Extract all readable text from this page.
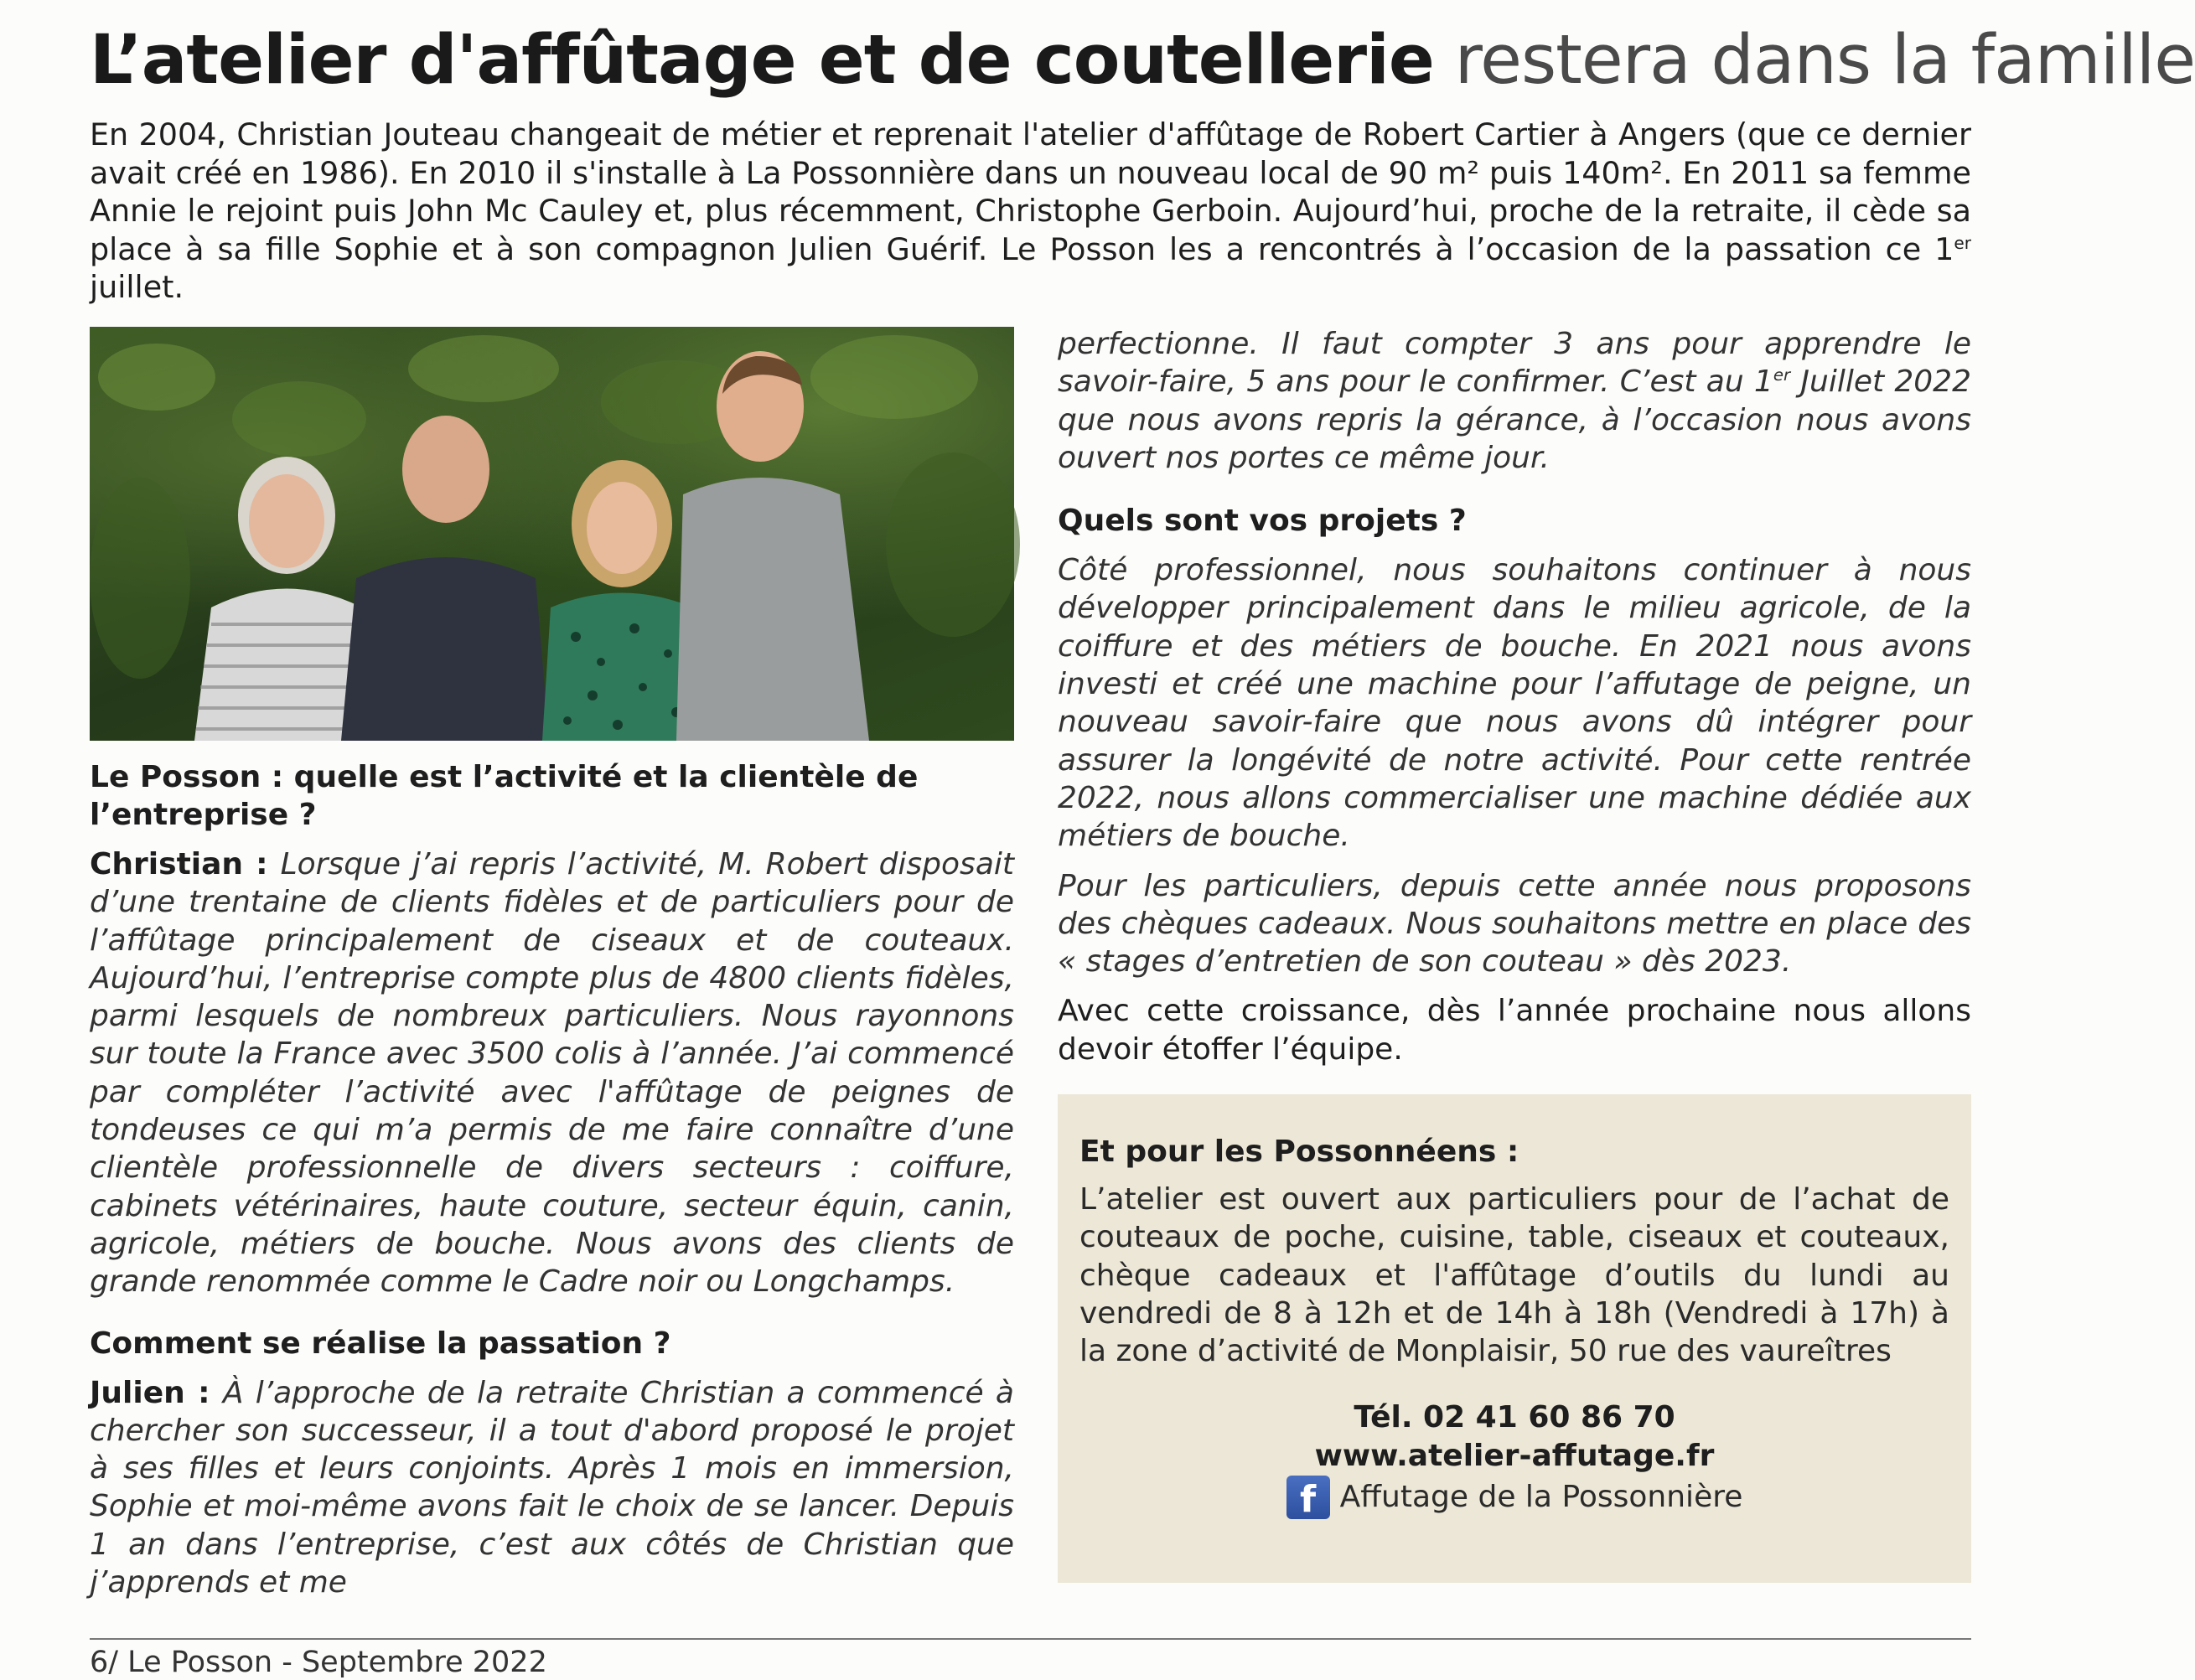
L’atelier d'affûtage et de coutellerie restera dans la famille
En 2004, Christian Jouteau changeait de métier et reprenait l'atelier d'affûtage de Robert Cartier à Angers (que ce dernier avait créé en 1986). En 2010 il s'installe à La Possonnière dans un nouveau local de 90 m² puis 140m². En 2011 sa femme Annie le rejoint puis John Mc Cauley et, plus récemment, Christophe Gerboin. Aujourd’hui, proche de la retraite, il cède sa place à sa fille Sophie et à son compagnon Julien Guérif. Le Posson les a rencontrés à l’occasion de la passation ce 1er juillet.
Le Posson : quelle est l’activité et la clientèle de l’entreprise ?
Christian : Lorsque j’ai repris l’activité, M. Robert disposait d’une trentaine de clients fidèles et de particuliers pour de l’affûtage principalement de ciseaux et de couteaux. Aujourd’hui, l’entreprise compte plus de 4800 clients fidèles, parmi lesquels de nombreux particuliers. Nous rayonnons sur toute la France avec 3500 colis à l’année. J’ai commencé par compléter l’activité avec l'affûtage de peignes de tondeuses ce qui m’a permis de me faire connaître d’une clientèle professionnelle de divers secteurs : coiffure, cabinets vétérinaires, haute couture, secteur équin, canin, agricole, métiers de bouche. Nous avons des clients de grande renommée comme le Cadre noir ou Longchamps.
Comment se réalise la passation ?
Julien : À l’approche de la retraite Christian a commencé à chercher son successeur, il a tout d'abord proposé le projet à ses filles et leurs conjoints. Après 1 mois en immersion, Sophie et moi-même avons fait le choix de se lancer. Depuis 1 an dans l’entreprise, c’est aux côtés de Christian que j’apprends et me
perfectionne. Il faut compter 3 ans pour apprendre le savoir-faire, 5 ans pour le confirmer. C’est au 1er Juillet 2022 que nous avons repris la gérance, à l’occasion nous avons ouvert nos portes ce même jour.
Quels sont vos projets ?
Côté professionnel, nous souhaitons continuer à nous développer principalement dans le milieu agricole, de la coiffure et des métiers de bouche. En 2021 nous avons investi et créé une machine pour l’affutage de peigne, un nouveau savoir-faire que nous avons dû intégrer pour assurer la longévité de notre activité. Pour cette rentrée 2022, nous allons commercialiser une machine dédiée aux métiers de bouche.
Pour les particuliers, depuis cette année nous proposons des chèques cadeaux. Nous souhaitons mettre en place des « stages d’entretien de son couteau » dès 2023.
Avec cette croissance, dès l’année prochaine nous allons devoir étoffer l’équipe.
Et pour les Possonnéens :
L’atelier est ouvert aux particuliers pour de l’achat de couteaux de poche, cuisine, table, ciseaux et couteaux, chèque cadeaux et l'affûtage d’outils du lundi au vendredi de 8 à 12h et de 14h à 18h (Vendredi à 17h) à la zone d’activité de Monplaisir, 50 rue des vaureîtres
Tél. 02 41 60 86 70
www.atelier-affutage.fr
f Affutage de la Possonnière
6/ Le Posson - Septembre 2022
